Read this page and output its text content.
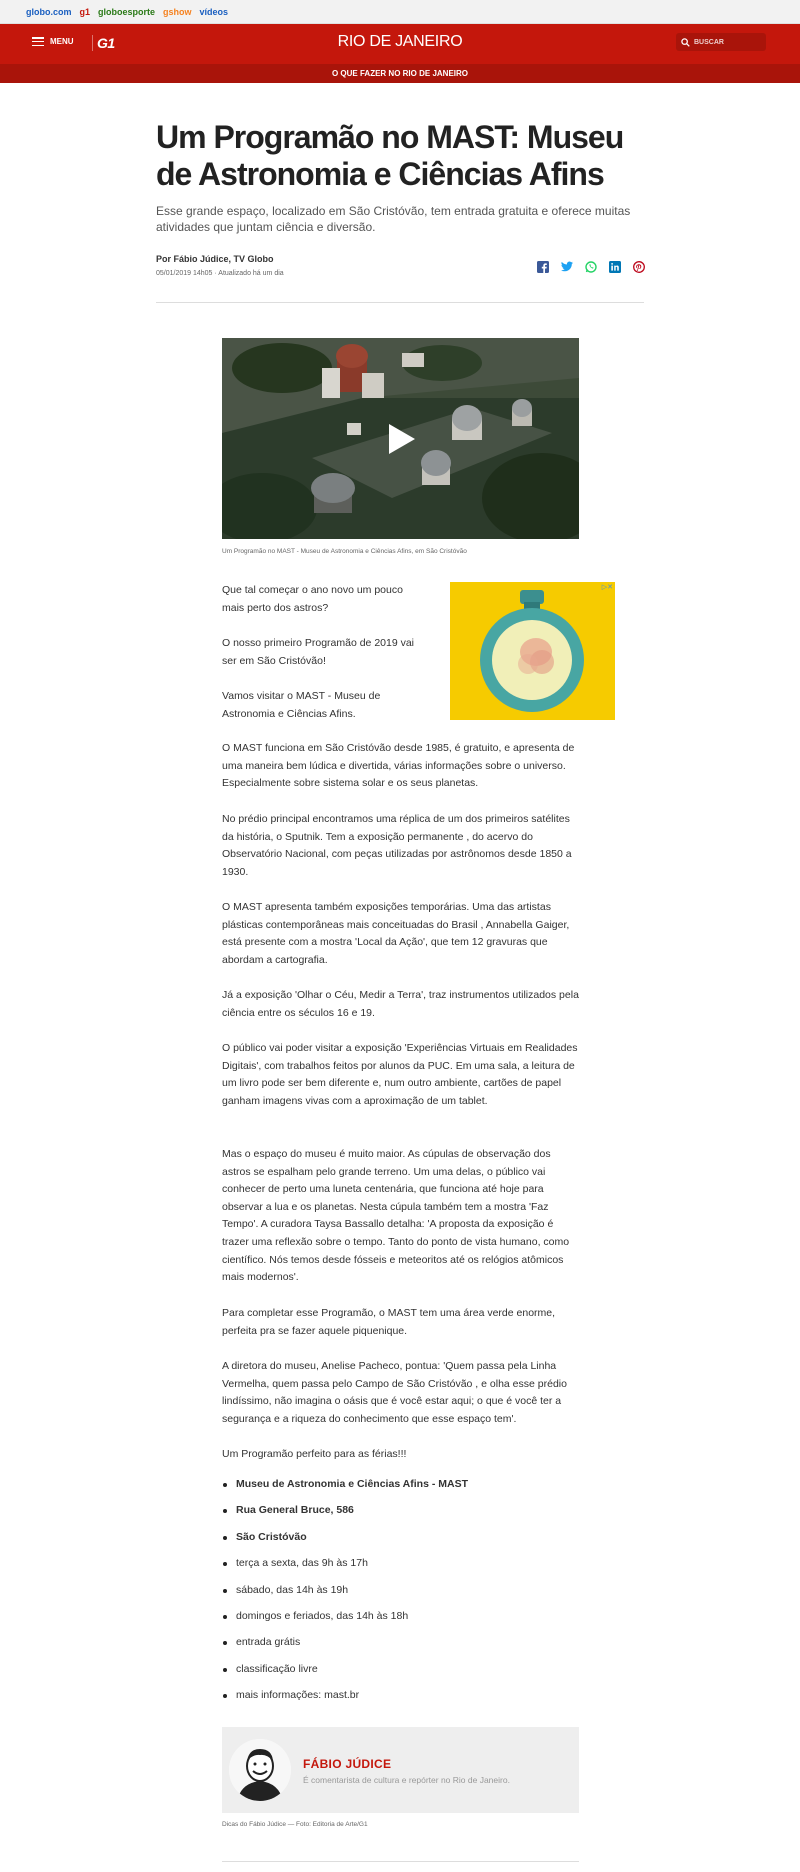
globo.com g1 globoesporte gshow vídeos
MENU	G1	RIO DE JANEIRO
O QUE FAZER NO RIO DE JANEIRO
BUSCAR
Um Programão no MAST: Museu de Astronomia e Ciências Afins

Esse grande espaço, localizado em São Cristóvão, tem entrada gratuita e oferece muitas atividades que juntam ciência e diversão.

Por Fábio Júdice, TV Globo
05/01/2019 14h05 · Atualizado há um dia
Um Programão no MAST - Museu de Astronomia e Ciências Afins, em São Cristóvão
▷✕

Que tal começar o ano novo um pouco mais perto dos astros?

O nosso primeiro Programão de 2019 vai ser em São Cristóvão!

Vamos visitar o MAST - Museu de Astronomia e Ciências Afins.

O MAST funciona em São Cristóvão desde 1985, é gratuito, e apresenta de uma maneira bem lúdica e divertida, várias informações sobre o universo. Especialmente sobre sistema solar e os seus planetas.

No prédio principal encontramos uma réplica de um dos primeiros satélites da história, o Sputnik. Tem a exposição permanente , do acervo do Observatório Nacional, com peças utilizadas por astrônomos desde 1850 a 1930.

O MAST apresenta também exposições temporárias. Uma das artistas plásticas contemporâneas mais conceituadas do Brasil , Annabella Gaiger, está presente com a mostra 'Local da Ação', que tem 12 gravuras que abordam a cartografia.

Já a exposição 'Olhar o Céu, Medir a Terra', traz instrumentos utilizados pela ciência entre os séculos 16 e 19.

O público vai poder visitar a exposição 'Experiências Virtuais em Realidades Digitais', com trabalhos feitos por alunos da PUC. Em uma sala, a leitura de um livro pode ser bem diferente e, num outro ambiente, cartões de papel ganham imagens vivas com a aproximação de um tablet.

Mas o espaço do museu é muito maior. As cúpulas de observação dos astros se espalham pelo grande terreno. Um uma delas, o público vai conhecer de perto uma luneta centenária, que funciona até hoje para observar a lua e os planetas. Nesta cúpula também tem a mostra 'Faz Tempo'. A curadora Taysa Bassallo detalha: 'A proposta da exposição é trazer uma reflexão sobre o tempo. Tanto do ponto de vista humano, como científico. Nós temos desde fósseis e meteoritos até os relógios atômicos mais modernos'.

Para completar esse Programão, o MAST tem uma área verde enorme, perfeita pra se fazer aquele piquenique.

A diretora do museu, Anelise Pacheco, pontua: 'Quem passa pela Linha Vermelha, quem passa pelo Campo de São Cristóvão , e olha esse prédio lindíssimo, não imagina o oásis que é você estar aqui; o que é você ter a segurança e a riqueza do conhecimento que esse espaço tem'.

Um Programão perfeito para as férias!!!

Museu de Astronomia e Ciências Afins - MAST
Rua General Bruce, 586
São Cristóvão
terça a sexta, das 9h às 17h
sábado, das 14h às 19h
domingos e feriados, das 14h às 18h
entrada grátis
classificação livre
mais informações: mast.br
FÁBIO JÚDICE
É comentarista de cultura e repórter no Rio de Janeiro.
Dicas do Fábio Júdice — Foto: Editoria de Arte/G1
